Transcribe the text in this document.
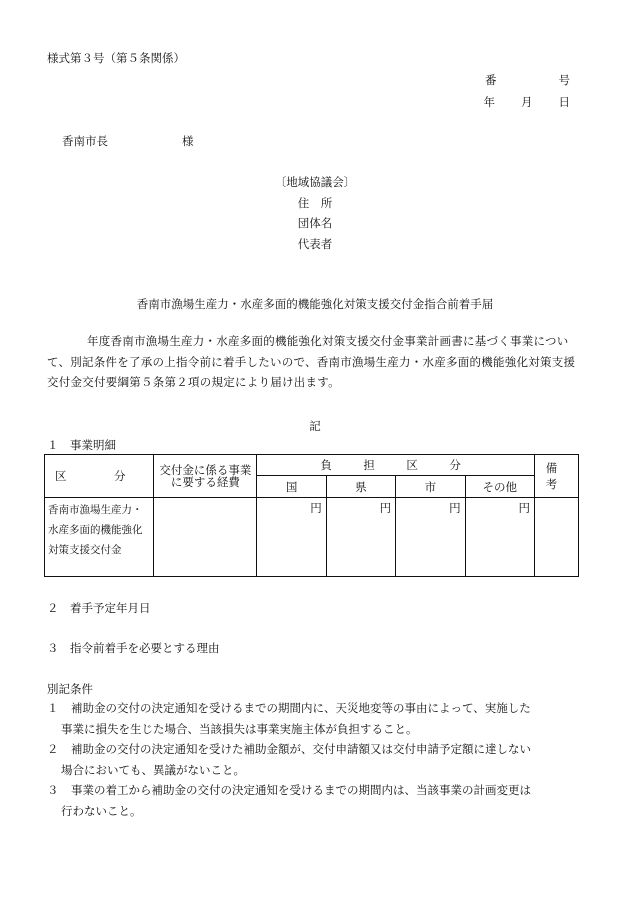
様式第３号（第５条関係）
番	号
年 月 日
香南市長	様
〔地域協議会〕
住　所
団体名
代表者
香南市漁場生産力・水産多面的機能強化対策支援交付金指合前着手届
年度香南市漁場生産力・水産多面的機能強化対策支援交付金事業計画書に基づく事業について、別記条件を了承の上指令前に着手したいので、香南市漁場生産力・水産多面的機能強化対策支援交付金交付要綱第５条第２項の規定により届け出ます。
記
１　事業明細
区　分	交付金に係る事業に要する経費	負　担　区　分				備　考
		国	県	市	その他	
香南市漁場生産力・水産多面的機能強化対策支援交付金		円	円	円	円	
２　着手予定年月日
３　指令前着手を必要とする理由
別記条件
１ 補助金の交付の決定通知を受けるまでの期間内に、天災地変等の事由によって、実施した
事業に損失を生じた場合、当該損失は事業実施主体が負担すること。
２ 補助金の交付の決定通知を受けた補助金額が、交付申請額又は交付申請予定額に達しない
場合においても、異議がないこと。
３ 事業の着工から補助金の交付の決定通知を受けるまでの期間内は、当該事業の計画変更は
行わないこと。
